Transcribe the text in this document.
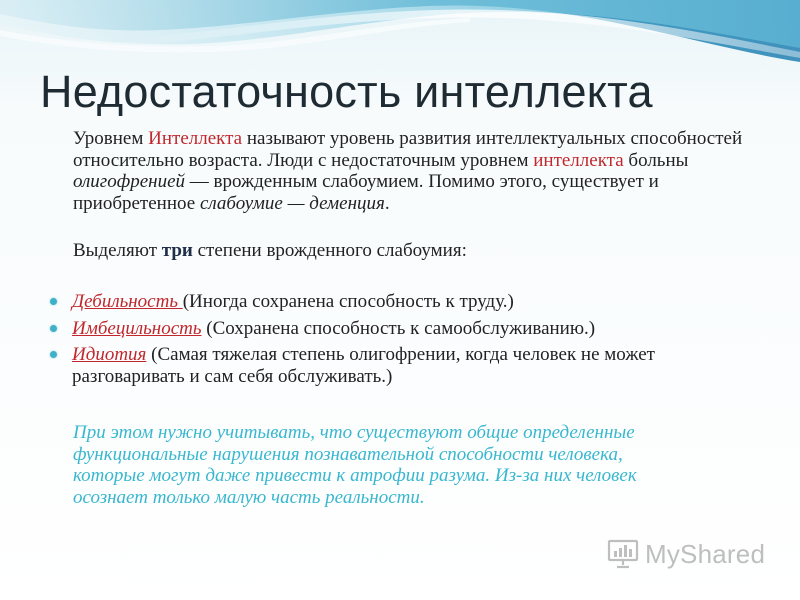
Недостаточность интеллекта
Уровнем Интеллекта называют уровень развития интеллектуальных способностей относительно возраста. Люди с недостаточным уровнем интеллекта больны олигофренией — врожденным слабоумием. Помимо этого, существует и приобретенное слабоумие — деменция.
Выделяют три степени врожденного слабоумия:
Дебильность (Иногда сохранена способность к труду.)
Имбецильность (Сохранена способность к самообслуживанию.)
Идиотия (Самая тяжелая степень олигофрении, когда человек не может разговаривать и сам себя обслуживать.)
При этом нужно учитывать, что существуют общие определенные функциональные нарушения познавательной способности человека, которые могут даже привести к атрофии разума. Из-за них человек осознает только малую часть реальности.
MyShared
